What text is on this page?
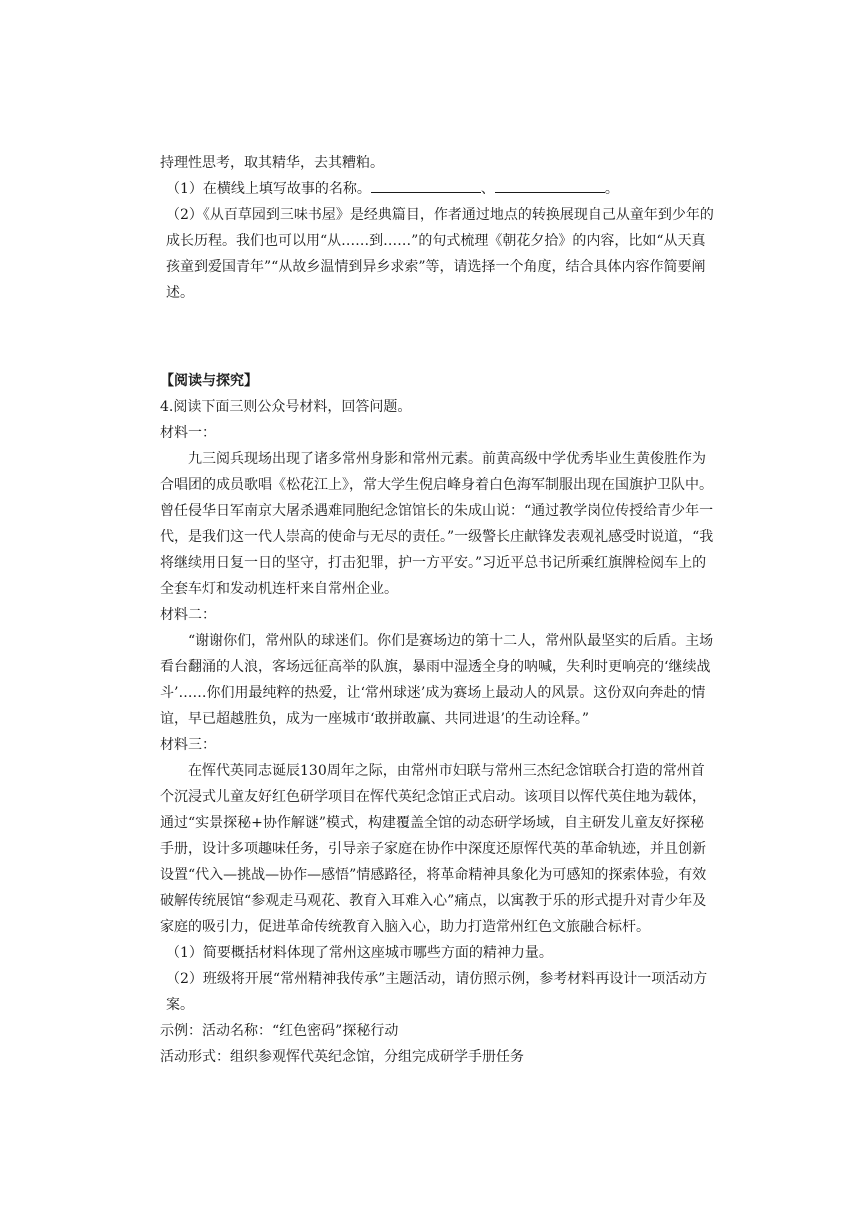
持理性思考，取其精华，去其糟粕。

（1）在横线上填写故事的名称。	、	。

（2）《从百草园到三味书屋》是经典篇目，作者通过地点的转换展现自己从童年到少年的成长历程。我们也可以用“从……到……”的句式梳理《朝花夕拾》的内容，比如“从天真孩童到爱国青年”“从故乡温情到异乡求索”等，请选择一个角度，结合具体内容作简要阐述。

【阅读与探究】

4.阅读下面三则公众号材料，回答问题。

材料一：

九三阅兵现场出现了诸多常州身影和常州元素。前黄高级中学优秀毕业生黄俊胜作为合唱团的成员歌唱《松花江上》，常大学生倪启峰身着白色海军制服出现在国旗护卫队中。曾任侵华日军南京大屠杀遇难同胞纪念馆馆长的朱成山说：“通过教学岗位传授给青少年一代，是我们这一代人崇高的使命与无尽的责任。”一级警长庄献锋发表观礼感受时说道，“我将继续用日复一日的坚守，打击犯罪，护一方平安。”习近平总书记所乘红旗牌检阅车上的全套车灯和发动机连杆来自常州企业。

材料二：

“谢谢你们，常州队的球迷们。你们是赛场边的第十二人，常州队最坚实的后盾。主场看台翻涌的人浪，客场远征高举的队旗，暴雨中湿透全身的呐喊，失利时更响亮的‘继续战斗’……你们用最纯粹的热爱，让‘常州球迷’成为赛场上最动人的风景。这份双向奔赴的情谊，早已超越胜负，成为一座城市‘敢拼敢赢、共同进退’的生动诠释。”

材料三：

在恽代英同志诞辰130周年之际，由常州市妇联与常州三杰纪念馆联合打造的常州首个沉浸式儿童友好红色研学项目在恽代英纪念馆正式启动。该项目以恽代英住地为载体，通过“实景探秘+协作解谜”模式，构建覆盖全馆的动态研学场域，自主研发儿童友好探秘手册，设计多项趣味任务，引导亲子家庭在协作中深度还原恽代英的革命轨迹，并且创新设置“代入—挑战—协作—感悟”情感路径，将革命精神具象化为可感知的探索体验，有效破解传统展馆“参观走马观花、教育入耳难入心”痛点，以寓教于乐的形式提升对青少年及家庭的吸引力，促进革命传统教育入脑入心，助力打造常州红色文旅融合标杆。

（1）简要概括材料体现了常州这座城市哪些方面的精神力量。

（2）班级将开展“常州精神我传承”主题活动，请仿照示例，参考材料再设计一项活动方案。

示例：活动名称：“红色密码”探秘行动

活动形式：组织参观恽代英纪念馆，分组完成研学手册任务
